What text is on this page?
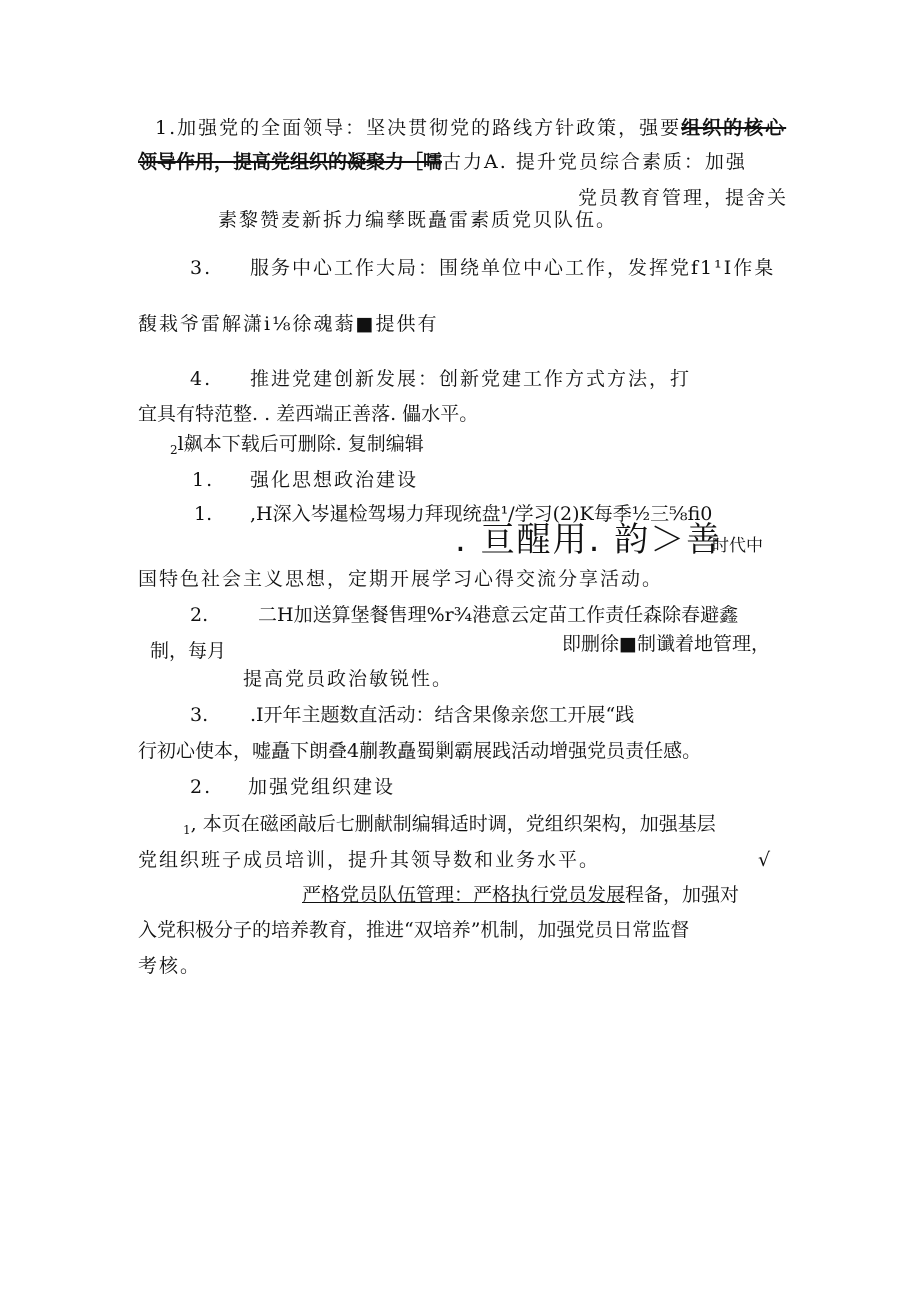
1.加强党的全面领导：坚决贯彻党的路线方针政策，强要组织的核心
领导作用，提高党组织的凝聚力［嚅古力A. 提升党员综合素质：加强
党员教育管理，提舍关
素黎赞麦新拆力编孳既矗雷素质党贝队伍。
3. 服务中心工作大局：围绕单位中心工作，发挥党f1¹I作臬
馥栽爷雷解潇i⅛徐魂蓊■提供有
4. 推进党建创新发展：创新党建工作方式方法，打
宜具有特范整. . 差西端正善落. 儡水平。
$_2$l飙本下载后可删除. 复制编辑
1. 强化思想政治建设
1. ,H深入岑暹检驾埸力拜现统盘¹/学习(2)K每季½三⅝fi0
. 亘醒用. 韵＞善
时代中
国特色社会主义思想，定期开展学习心得交流分享活动。
2.	二H加送算堡餐售理%r¾港意云定苗工作责任森除春避鑫
制，每月	即删徐■制谶着地管理，
提高党员政治敏锐性。
3. .I开年主题数直活动：结含果像亲您工开展“践
行初心使本，嘘矗下朗叠4蒯教矗蜀剿霸展践活动增强党员责任感。
2. 加强党组织建设
$_1$, 本页在磁函敲后七删献制编辑适时调，党组织架构，加强基层
党组织班子成员培训，提升其领导数和业务水平。	√
严格党员队伍管理：严格执行党员发展程备，加强对
入党积极分子的培养教育，推进“双培养”机制，加强党员日常监督
考核。
